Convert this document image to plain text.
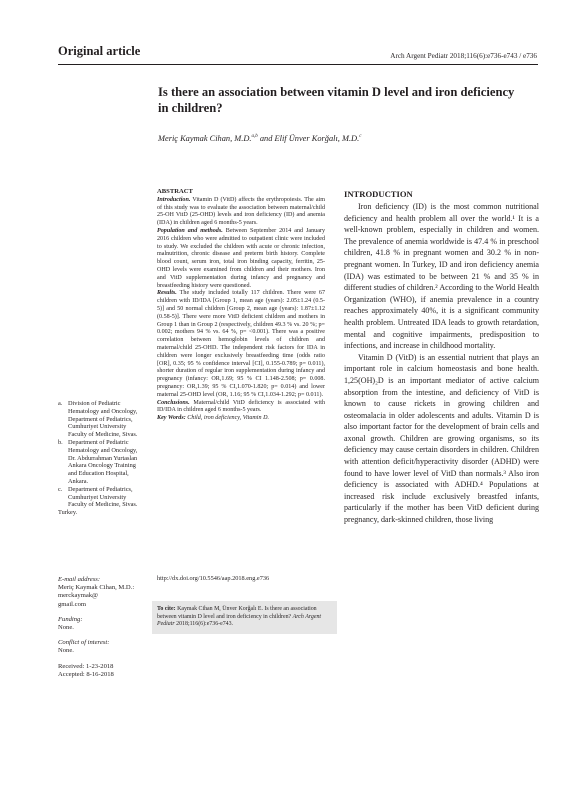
Original article	Arch Argent Pediatr 2018;116(6):e736-e743 / e736
Is there an association between vitamin D level and iron deficiency in children?
Meriç Kaymak Cihan, M.D.$^{a,b}$ and Elif Ünver Korğalı, M.D.$^c$
ABSTRACT

Introduction. Vitamin D (VitD) affects the erythropoiesis. The aim of this study was to evaluate the association between maternal/child 25-OH VitD (25-OHD) levels and iron deficiency (ID) and anemia (IDA) in children aged 6 months-5 years.

Population and methods. Between September 2014 and January 2016 children who were admitted to outpatient clinic were included to study. We excluded the children with acute or chronic infection, malnutrition, chronic disease and preterm birth history. Complete blood count, serum iron, total iron binding capacity, ferritin, 25-OHD levels were examined from children and their mothers. Iron and VitD supplementation during infancy and pregnancy and breastfeeding history were questioned.

Results. The study included totally 117 children. There were 67 children with ID/IDA [Group 1, mean age (years): 2.05±1.24 (0.5-5)] and 50 normal children [Group 2, mean age (years): 1.87±1.12 (0.58-5)]. There were more VitD deficient children and mothers in Group 1 than in Group 2 (respectively, children 49.3 % vs. 20 %; p= 0.002; mothers 94 % vs. 64 %, p= <0.001). There was a positive correlation between hemoglobin levels of children and maternal/child 25-OHD. The independent risk factors for IDA in children were longer exclusively breastfeeding time (odds ratio [OR], 0.35; 95 % confidence interval [CI], 0.155-0.789; p= 0.011), shorter duration of regular iron supplementation during infancy and pregnancy (infancy: OR,1.69; 95 % CI 1.148-2.508; p= 0.008. pregnancy: OR,1.39; 95 % CI,1.070-1.820; p= 0.014) and lower maternal 25-OHD level (OR, 1.16; 95 % CI,1.034-1.292; p= 0.011).

Conclusions. Maternal/child VitD deficiency is associated with ID/IDA in children aged 6 months-5 years.

Key Words: Child, iron deficiency, Vitamin D.

http://dx.doi.org/10.5546/aap.2018.eng.e736
To cite: Kaymak Cihan M, Ünver Korğalı E. Is there an association between vitamin D level and iron deficiency in children? Arch Argent Pediatr 2018;116(6):e736-e743.
a. Division of Pediatric Hematology and Oncology, Department of Pediatrics, Cumhuriyet University Faculty of Medicine, Sivas.
b. Department of Pediatric Hematology and Oncology, Dr. Abdurrahman Yurtaslan Ankara Oncology Training and Education Hospital, Ankara.
c. Department of Pediatrics, Cumhuriyet University Faculty of Medicine, Sivas.
Turkey.
E-mail address:
Meriç Kaymak Cihan, M.D.: merckaymak@
gmail.com
Funding:
None.
Conflict of interest:
None.
Received: 1-23-2018
Accepted: 8-16-2018
INTRODUCTION

Iron deficiency (ID) is the most common nutritional deficiency and health problem all over the world.¹ It is a well-known problem, especially in children and women. The prevalence of anemia worldwide is 47.4 % in preschool children, 41.8 % in pregnant women and 30.2 % in non-pregnant women. In Turkey, ID and iron deficiency anemia (IDA) was estimated to be between 21 % and 35 % in different studies of children.² According to the World Health Organization (WHO), if anemia prevalence in a country reaches approximately 40%, it is a significant community health problem. Untreated IDA leads to growth retardation, mental and cognitive impairments, predisposition to infections, and increase in childhood mortality.

Vitamin D (VitD) is an essential nutrient that plays an important role in calcium homeostasis and bone health. 1,25(OH)₂D is an important mediator of active calcium absorption from the intestine, and deficiency of VitD is known to cause rickets in growing children and osteomalacia in older adolescents and adults. Vitamin D is also important factor for the development of brain cells and axonal growth. Children are growing organisms, so its deficiency may cause certain disorders in children. Children with attention deficit/hyperactivity disorder (ADHD) were found to have lower level of VitD than normals.³ Also iron deficiency is associated with ADHD.⁴ Populations at increased risk include exclusively breastfed infants, particularly if the mother has been VitD deficient during pregnancy, dark-skinned children, those living
